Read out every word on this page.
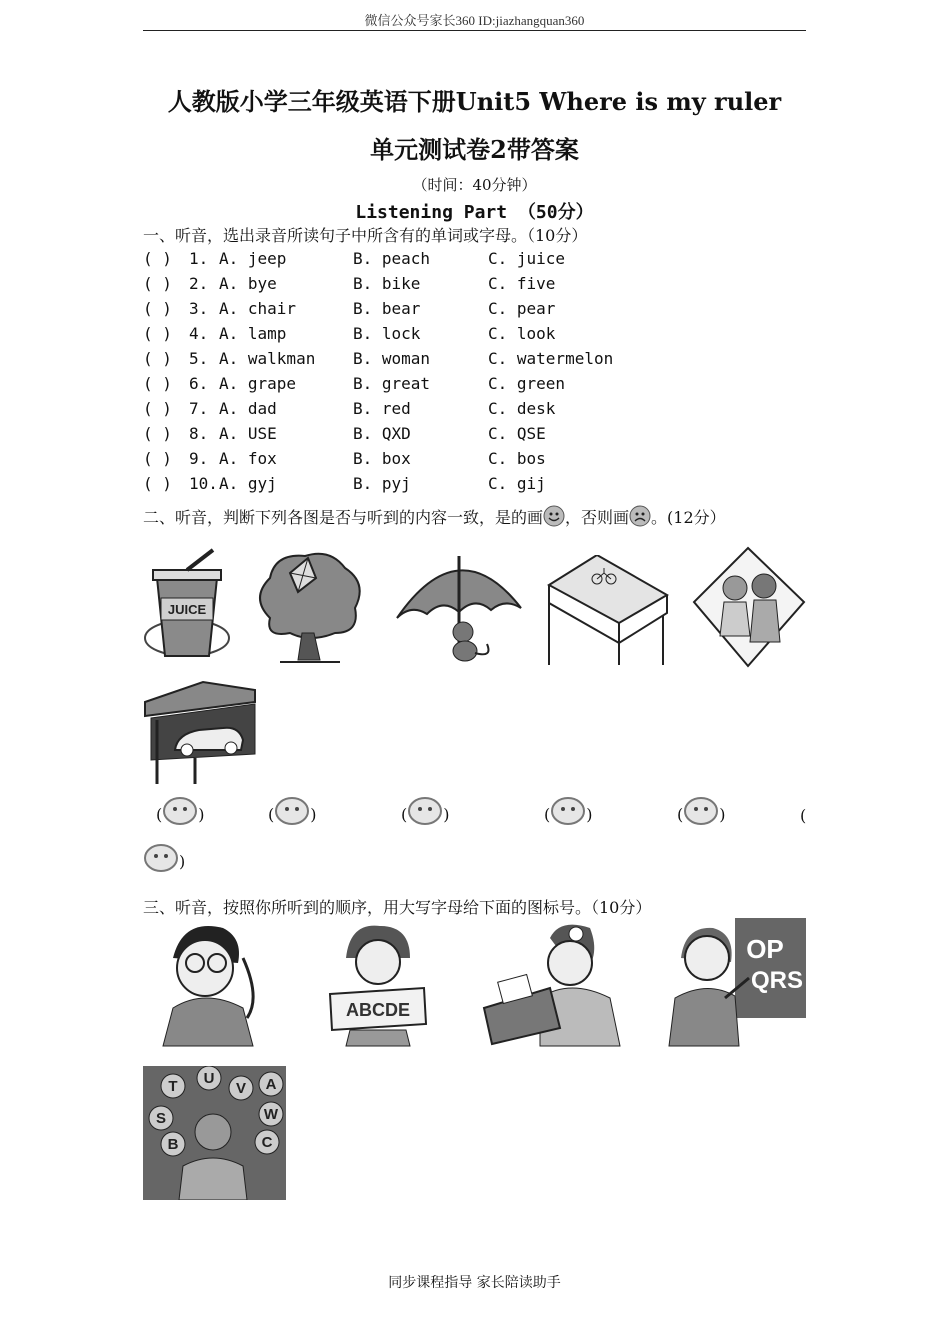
微信公众号家长360 ID:jiazhangquan360
人教版小学三年级英语下册Unit5 Where is my ruler
单元测试卷2带答案
（时间：40分钟）
Listening Part （50分）
一、听音，选出录音所读句子中所含有的单词或字母。（10分）
( ) 1. A. jeep	B. peach	C. juice
( ) 2. A. bye	B. bike	C. five
( ) 3. A. chair	B. bear	C. pear
( ) 4. A. lamp	B. lock	C. look
( ) 5. A. walkman B. woman	C. watermelon
( ) 6. A. grape	B. great	C. green
( ) 7. A. dad	B. red	C. desk
( ) 8. A. USE	B. QXD	C. QSE
( ) 9. A. fox	B. box	C. bos
( ) 10. A. gyj	B. pyj	C. gij
二、听音，判断下列各图是否与听到的内容一致，是的画 ，否则画 。(12分）
JUICE
( )	( )	( )	( )	( )	(
)
三、听音，按照你所听到的顺序，用大写字母给下面的图标号。（10分）
ABCDE
OP
QRS
T U
V A
S	W
B	C
同步课程指导 家长陪读助手
